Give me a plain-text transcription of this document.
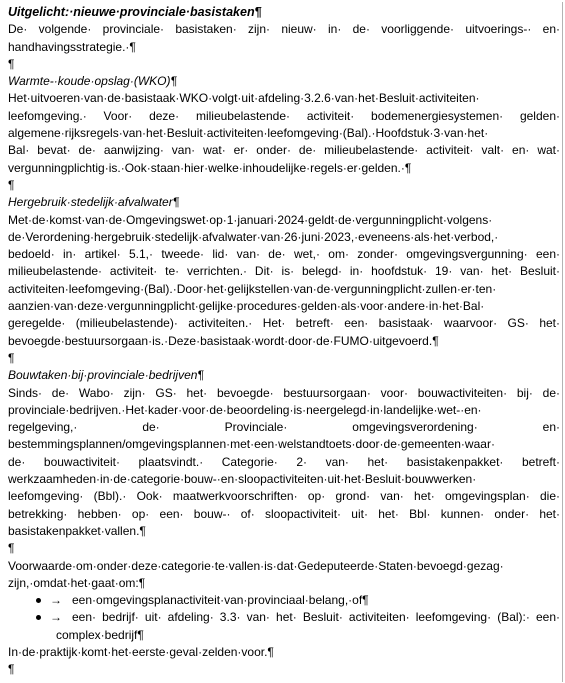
Uitgelicht:·nieuwe·provinciale·basistaken¶
De· volgende· provinciale· basistaken· zijn· nieuw· in· de· voorliggende· uitvoerings-· en·
handhavingsstrategie.·¶
¶
Warmte-·koude·opslag·(WKO)¶
Het·uitvoeren·van·de·basistaak·WKO·volgt·uit·afdeling·3.2.6·van·het·Besluit·activiteiten·
leefomgeving.· Voor· deze· milieubelastende· activiteit· bodemenergiesystemen· gelden·
algemene·rijksregels·van·het·Besluit·activiteiten·leefomgeving·(Bal).·Hoofdstuk·3·van·het·
Bal· bevat· de· aanwijzing· van· wat· er· onder· de· milieubelastende· activiteit· valt· en· wat·
vergunningplichtig·is.·Ook·staan·hier·welke·inhoudelijke·regels·er·gelden.·¶
¶
Hergebruik·stedelijk·afvalwater¶
Met·de·komst·van·de·Omgevingswet·op·1·januari·2024·geldt·de·vergunningplicht·volgens·
de·Verordening·hergebruik·stedelijk·afvalwater·van·26·juni·2023,·eveneens·als·het·verbod,·
bedoeld· in· artikel· 5.1,· tweede· lid· van· de· wet,· om· zonder· omgevingsvergunning· een·
milieubelastende· activiteit· te· verrichten.· Dit· is· belegd· in· hoofdstuk· 19· van· het· Besluit·
activiteiten·leefomgeving·(Bal).·Door·het·gelijkstellen·van·de·vergunningplicht·zullen·er·ten·
aanzien·van·deze·vergunningplicht·gelijke·procedures·gelden·als·voor·andere·in·het·Bal·
geregelde· (milieubelastende)· activiteiten.· Het· betreft· een· basistaak· waarvoor· GS· het·
bevoegde·bestuursorgaan·is.·Deze·basistaak·wordt·door·de·FUMO·uitgevoerd.¶
¶
Bouwtaken·bij·provinciale·bedrijven¶
Sinds· de· Wabo· zijn· GS· het· bevoegde· bestuursorgaan· voor· bouwactiviteiten· bij· de·
provinciale·bedrijven.·Het·kader·voor·de·beoordeling·is·neergelegd·in·landelijke·wet-·en·
regelgeving,· de· Provinciale· omgevingsverordening· en·
bestemmingsplannen/omgevingsplannen·met·een·welstandtoets·door·de·gemeenten·waar·
de· bouwactiviteit· plaatsvindt.· Categorie· 2· van· het· basistakenpakket· betreft·
werkzaamheden·in·de·categorie·bouw-·en·sloopactiviteiten·uit·het·Besluit·bouwwerken·
leefomgeving· (Bbl).· Ook· maatwerkvoorschriften· op· grond· van· het· omgevingsplan· die·
betrekking· hebben· op· een· bouw-· of· sloopactiviteit· uit· het· Bbl· kunnen· onder· het·
basistakenpakket·vallen.¶
¶
Voorwaarde·om·onder·deze·categorie·te·vallen·is·dat·Gedeputeerde·Staten·bevoegd·gezag·
zijn,·omdat·het·gaat·om:¶
→ een·omgevingsplanactiviteit·van·provinciaal·belang,·of¶
→ een· bedrijf· uit· afdeling· 3.3· van· het· Besluit· activiteiten· leefomgeving· (Bal):· een·
complex·bedrijf¶
In·de·praktijk·komt·het·eerste·geval·zelden·voor.¶
¶
